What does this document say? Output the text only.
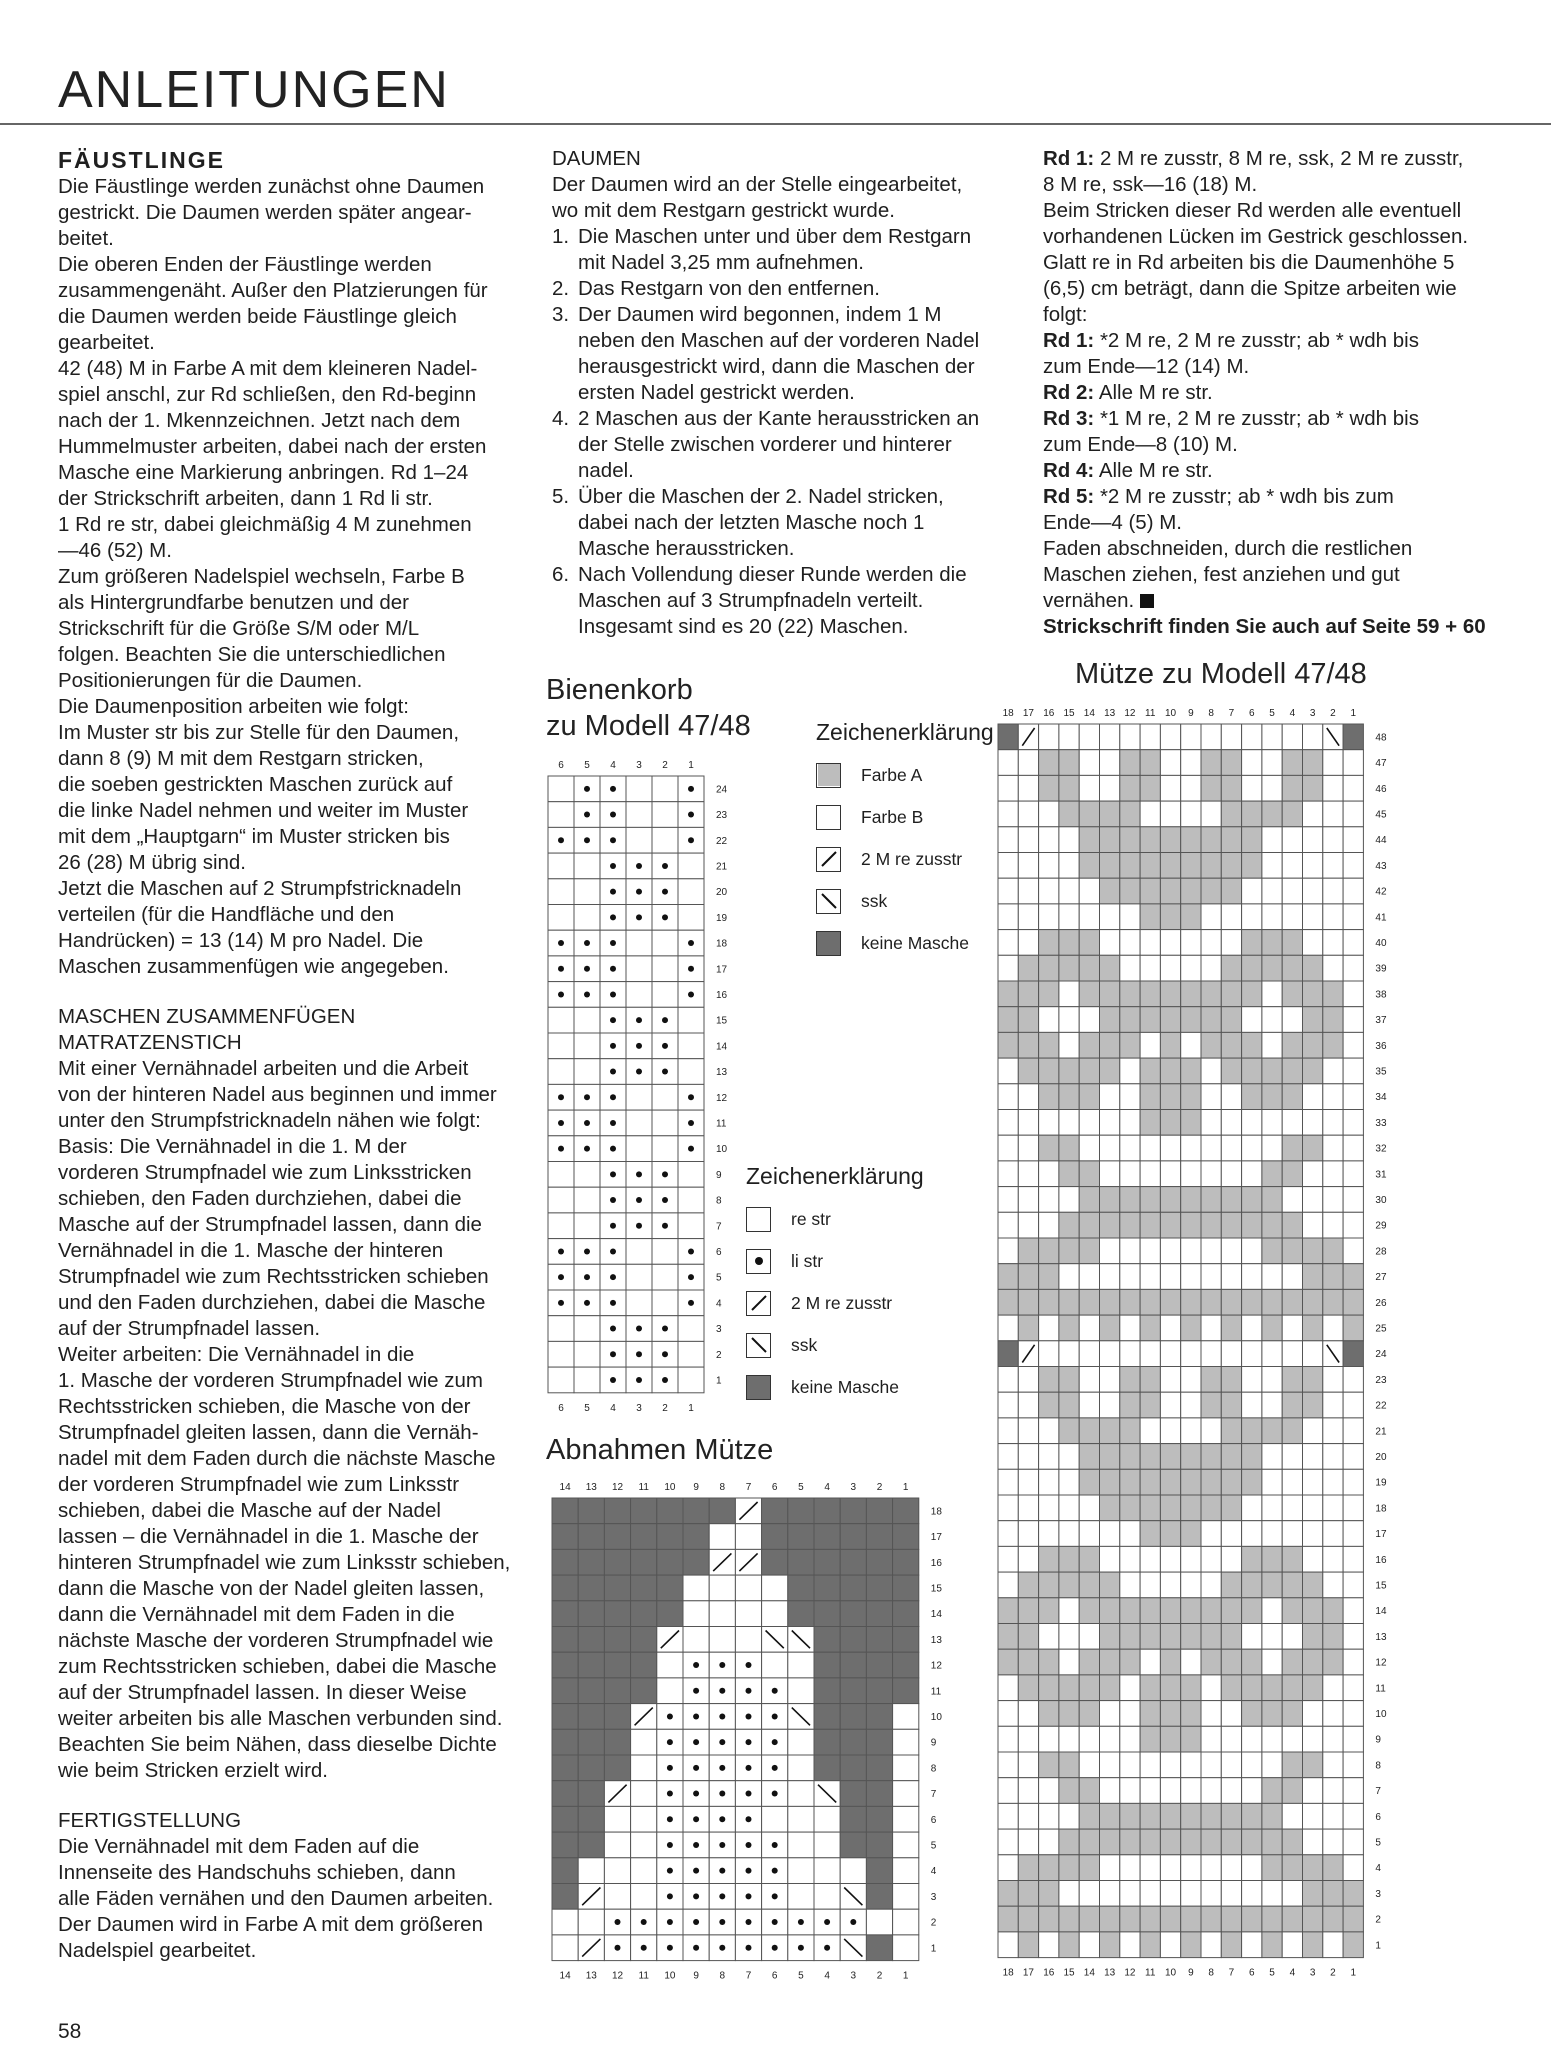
ANLEITUNGEN

FÄUSTLINGE

Die Fäustlinge werden zunächst ohne Daumen

gestrickt. Die Daumen werden später angear-

beitet.

Die oberen Enden der Fäustlinge werden

zusammengenäht. Außer den Platzierungen für

die Daumen werden beide Fäustlinge gleich

gearbeitet.

42 (48) M in Farbe A mit dem kleineren Nadel-

spiel anschl, zur Rd schließen, den Rd-beginn

nach der 1. Mkennzeichnen. Jetzt nach dem

Hummelmuster arbeiten, dabei nach der ersten

Masche eine Markierung anbringen. Rd 1–24

der Strickschrift arbeiten, dann 1 Rd li str.

1 Rd re str, dabei gleichmäßig 4 M zunehmen

—46 (52) M.

Zum größeren Nadelspiel wechseln, Farbe B

als Hintergrundfarbe benutzen und der

Strickschrift für die Größe S/M oder M/L

folgen. Beachten Sie die unterschiedlichen

Positionierungen für die Daumen.

Die Daumenposition arbeiten wie folgt:

Im Muster str bis zur Stelle für den Daumen,

dann 8 (9) M mit dem Restgarn stricken,

die soeben gestrickten Maschen zurück auf

die linke Nadel nehmen und weiter im Muster

mit dem „Hauptgarn“ im Muster stricken bis

26 (28) M übrig sind.

Jetzt die Maschen auf 2 Strumpfstricknadeln

verteilen (für die Handfläche und den

Handrücken) = 13 (14) M pro Nadel. Die

Maschen zusammenfügen wie angegeben.

MASCHEN ZUSAMMENFÜGEN

MATRATZENSTICH

Mit einer Vernähnadel arbeiten und die Arbeit

von der hinteren Nadel aus beginnen und immer

unter den Strumpfstricknadeln nähen wie folgt:

Basis: Die Vernähnadel in die 1. M der

vorderen Strumpfnadel wie zum Linksstricken

schieben, den Faden durchziehen, dabei die

Masche auf der Strumpfnadel lassen, dann die

Vernähnadel in die 1. Masche der hinteren

Strumpfnadel wie zum Rechtsstricken schieben

und den Faden durchziehen, dabei die Masche

auf der Strumpfnadel lassen.

Weiter arbeiten: Die Vernähnadel in die

1. Masche der vorderen Strumpfnadel wie zum

Rechtsstricken schieben, die Masche von der

Strumpfnadel gleiten lassen, dann die Vernäh-

nadel mit dem Faden durch die nächste Masche

der vorderen Strumpfnadel wie zum Linksstr

schieben, dabei die Masche auf der Nadel

lassen – die Vernähnadel in die 1. Masche der

hinteren Strumpfnadel wie zum Linksstr schieben,

dann die Masche von der Nadel gleiten lassen,

dann die Vernähnadel mit dem Faden in die

nächste Masche der vorderen Strumpfnadel wie

zum Rechtsstricken schieben, dabei die Masche

auf der Strumpfnadel lassen. In dieser Weise

weiter arbeiten bis alle Maschen verbunden sind.

Beachten Sie beim Nähen, dass dieselbe Dichte

wie beim Stricken erzielt wird.

FERTIGSTELLUNG

Die Vernähnadel mit dem Faden auf die

Innenseite des Handschuhs schieben, dann

alle Fäden vernähen und den Daumen arbeiten.

Der Daumen wird in Farbe A mit dem größeren

Nadelspiel gearbeitet.

DAUMEN

Der Daumen wird an der Stelle eingearbeitet,

wo mit dem Restgarn gestrickt wurde.

1. Die Maschen unter und über dem Restgarn
mit Nadel 3,25 mm aufnehmen.
2. Das Restgarn von den entfernen.
3. Der Daumen wird begonnen, indem 1 M
neben den Maschen auf der vorderen Nadel
herausgestrickt wird, dann die Maschen der
ersten Nadel gestrickt werden.
4. 2 Maschen aus der Kante herausstricken an
der Stelle zwischen vorderer und hinterer
nadel.
5. Über die Maschen der 2. Nadel stricken,
dabei nach der letzten Masche noch 1
Masche herausstricken.
6. Nach Vollendung dieser Runde werden die
Maschen auf 3 Strumpfnadeln verteilt.
Insgesamt sind es 20 (22) Maschen.

Rd 1: 2 M re zusstr, 8 M re, ssk, 2 M re zusstr,

8 M re, ssk—16 (18) M.

Beim Stricken dieser Rd werden alle eventuell

vorhandenen Lücken im Gestrick geschlossen.

Glatt re in Rd arbeiten bis die Daumenhöhe 5

(6,5) cm beträgt, dann die Spitze arbeiten wie

folgt:

Rd 1: *2 M re, 2 M re zusstr; ab * wdh bis

zum Ende—12 (14) M.

Rd 2: Alle M re str.

Rd 3: *1 M re, 2 M re zusstr; ab * wdh bis

zum Ende—8 (10) M.

Rd 4: Alle M re str.

Rd 5: *2 M re zusstr; ab * wdh bis zum

Ende—4 (5) M.

Faden abschneiden, durch die restlichen

Maschen ziehen, fest anziehen und gut

vernähen.

Strickschrift finden Sie auch auf Seite 59 + 60

Bienenkorb
zu Modell 47/48
Abnahmen Mütze
Mütze zu Modell 47/48
Zeichenerklärung
Farbe A
Farbe B
2 M re zusstr
ssk
keine Masche
Zeichenerklärung
re str
li str
2 M re zusstr
ssk
keine Masche
24
23
22
21
20
19
18
17
16
15
14
13
12
11
10
9
8
7
6
5
4
3
2
1
6
6
5
5
4
4
3
3
2
2
1
1
18
17
16
15
14
13
12
11
10
9
8
7
6
5
4
3
2
1
14
14
13
13
12
12
11
11
10
10
9
9
8
8
7
7
6
6
5
5
4
4
3
3
2
2
1
1
48
47
46
45
44
43
42
41
40
39
38
37
36
35
34
33
32
31
30
29
28
27
26
25
24
23
22
21
20
19
18
17
16
15
14
13
12
11
10
9
8
7
6
5
4
3
2
1
18
18
17
17
16
16
15
15
14
14
13
13
12
12
11
11
10
10
9
9
8
8
7
7
6
6
5
5
4
4
3
3
2
2
1
1
58
